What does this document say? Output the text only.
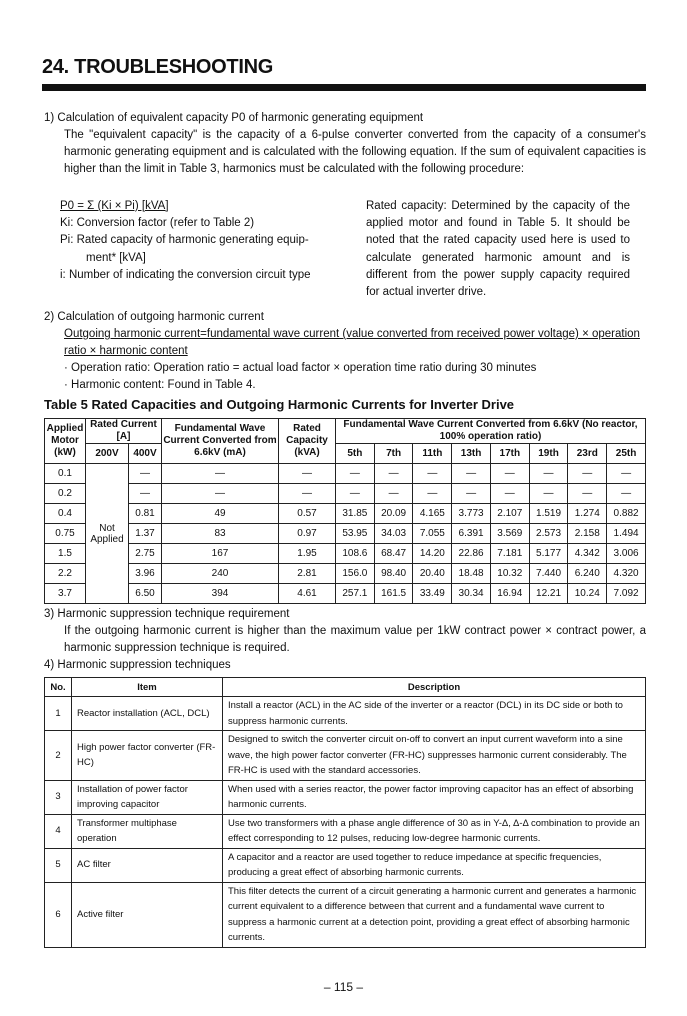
24. TROUBLESHOOTING
1) Calculation of equivalent capacity P0 of harmonic generating equipment
The "equivalent capacity" is the capacity of a 6-pulse converter converted from the capacity of a consumer's harmonic generating equipment and is calculated with the following equation. If the sum of equivalent capacities is higher than the limit in Table 3, harmonics must be calculated with the following procedure:
P0 = Σ (Ki × Pi) [kVA]
Ki: Conversion factor (refer to Table 2)
Pi: Rated capacity of harmonic generating equip-
ment* [kVA]
i: Number of indicating the conversion circuit type
Rated capacity: Determined by the capacity of the applied motor and found in Table 5. It should be noted that the rated capacity used here is used to calculate generated harmonic amount and is different from the power supply capacity required for actual inverter drive.
2) Calculation of outgoing harmonic current
Outgoing harmonic current=fundamental wave current (value converted from received power voltage) × operation ratio × harmonic content
· Operation ratio: Operation ratio = actual load factor × operation time ratio during 30 minutes
· Harmonic content: Found in Table 4.
Table 5 Rated Capacities and Outgoing Harmonic Currents for Inverter Drive
Applied Motor (kW)	Rated Current [A]		Fundamental Wave Current Converted from 6.6kV (mA)	Rated Capacity (kVA)	Fundamental Wave Current Converted from 6.6kV (No reactor, 100% operation ratio)							
	200V	400V			5th	7th	11th	13th	17th	19th	23rd	25th
0.1	Not Applied	—	—	—	—	—	—	—	—	—	—	—
0.2		—	—	—	—	—	—	—	—	—	—	—
0.4		0.81	49	0.57	31.85	20.09	4.165	3.773	2.107	1.519	1.274	0.882
0.75		1.37	83	0.97	53.95	34.03	7.055	6.391	3.569	2.573	2.158	1.494
1.5		2.75	167	1.95	108.6	68.47	14.20	22.86	7.181	5.177	4.342	3.006
2.2		3.96	240	2.81	156.0	98.40	20.40	18.48	10.32	7.440	6.240	4.320
3.7		6.50	394	4.61	257.1	161.5	33.49	30.34	16.94	12.21	10.24	7.092
3) Harmonic suppression technique requirement
If the outgoing harmonic current is higher than the maximum value per 1kW contract power × contract power, a harmonic suppression technique is required.
4) Harmonic suppression techniques
No.	Item	Description
1	Reactor installation (ACL, DCL)	Install a reactor (ACL) in the AC side of the inverter or a reactor (DCL) in its DC side or both to suppress harmonic currents.
2	High power factor converter (FR-HC)	Designed to switch the converter circuit on-off to convert an input current waveform into a sine wave, the high power factor converter (FR-HC) suppresses harmonic current considerably. The FR-HC is used with the standard accessories.
3	Installation of power factor improving capacitor	When used with a series reactor, the power factor improving capacitor has an effect of absorbing harmonic currents.
4	Transformer multiphase operation	Use two transformers with a phase angle difference of 30 as in Y-Δ, Δ-Δ combination to provide an effect corresponding to 12 pulses, reducing low-degree harmonic currents.
5	AC filter	A capacitor and a reactor are used together to reduce impedance at specific frequencies, producing a great effect of absorbing harmonic currents.
6	Active filter	This filter detects the current of a circuit generating a harmonic current and generates a harmonic current equivalent to a difference between that current and a fundamental wave current to suppress a harmonic current at a detection point, providing a great effect of absorbing harmonic currents.
– 115 –
